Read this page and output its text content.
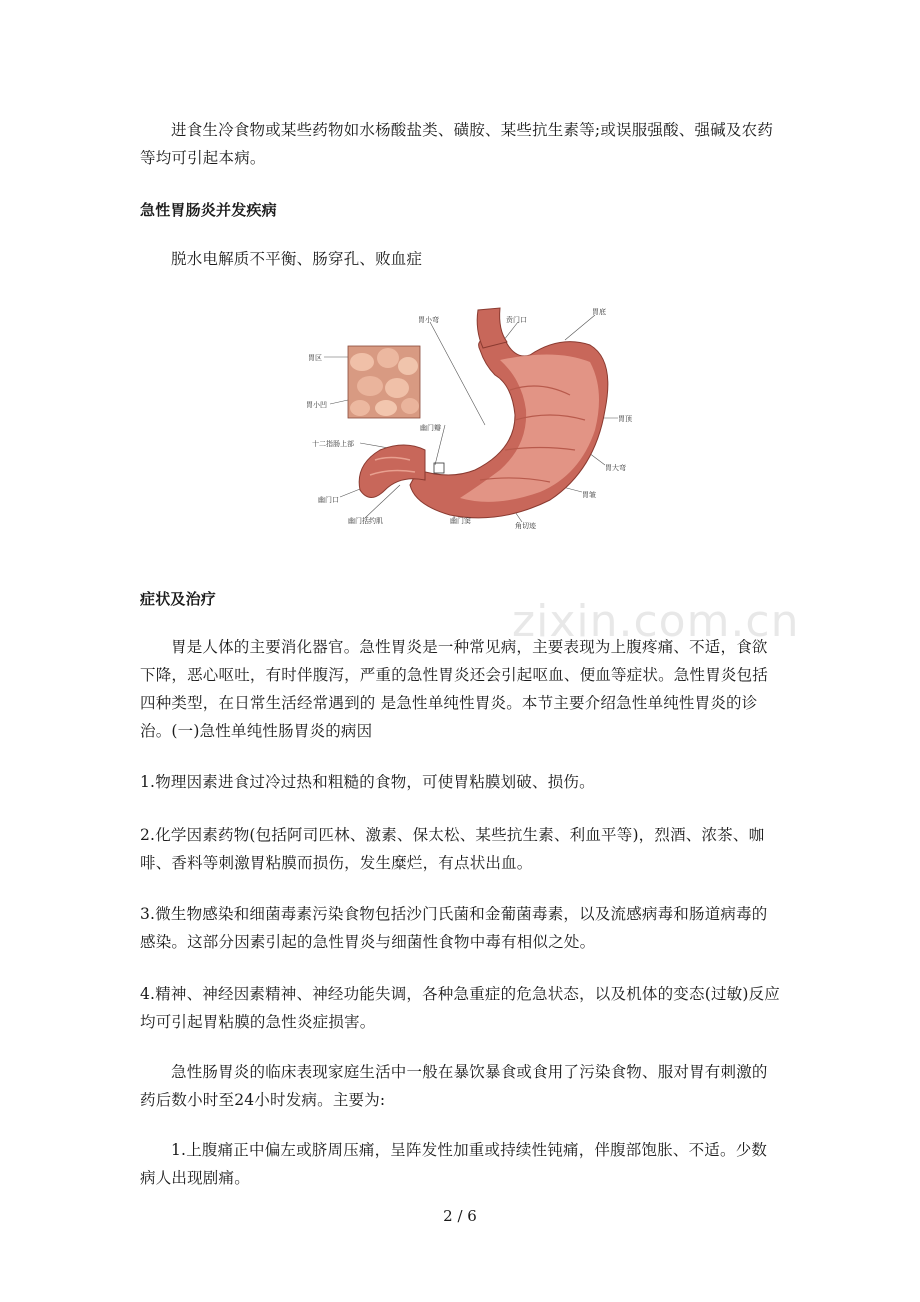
进食生冷食物或某些药物如水杨酸盐类、磺胺、某些抗生素等;或误服强酸、强碱及农药等均可引起本病。

急性胃肠炎并发疾病

脱水电解质不平衡、肠穿孔、败血症

胃小弯	贲门口
胃底
胃区
胃小凹
幽门瓣
十二指肠上部
胃顶
胃大弯
胃皱
幽门口
幽门括约肌	幽门窦
角切迹

症状及治疗	zixin.com.cn

胃是人体的主要消化器官。急性胃炎是一种常见病，主要表现为上腹疼痛、不适，食欲下降，恶心呕吐，有时伴腹泻，严重的急性胃炎还会引起呕血、便血等症状。急性胃炎包括四种类型，在日常生活经常遇到的 是急性单纯性胃炎。本节主要介绍急性单纯性胃炎的诊治。(一)急性单纯性肠胃炎的病因

1.物理因素进食过冷过热和粗糙的食物，可使胃粘膜划破、损伤。

2.化学因素药物(包括阿司匹林、激素、保太松、某些抗生素、利血平等)，烈酒、浓茶、咖啡、香料等刺激胃粘膜而损伤，发生糜烂，有点状出血。

3.微生物感染和细菌毒素污染食物包括沙门氏菌和金葡菌毒素，以及流感病毒和肠道病毒的感染。这部分因素引起的急性胃炎与细菌性食物中毒有相似之处。

4.精神、神经因素精神、神经功能失调，各种急重症的危急状态，以及机体的变态(过敏)反应均可引起胃粘膜的急性炎症损害。

急性肠胃炎的临床表现家庭生活中一般在暴饮暴食或食用了污染食物、服对胃有刺激的药后数小时至24小时发病。主要为:

1.上腹痛正中偏左或脐周压痛，呈阵发性加重或持续性钝痛，伴腹部饱胀、不适。少数病人出现剧痛。

2 / 6
